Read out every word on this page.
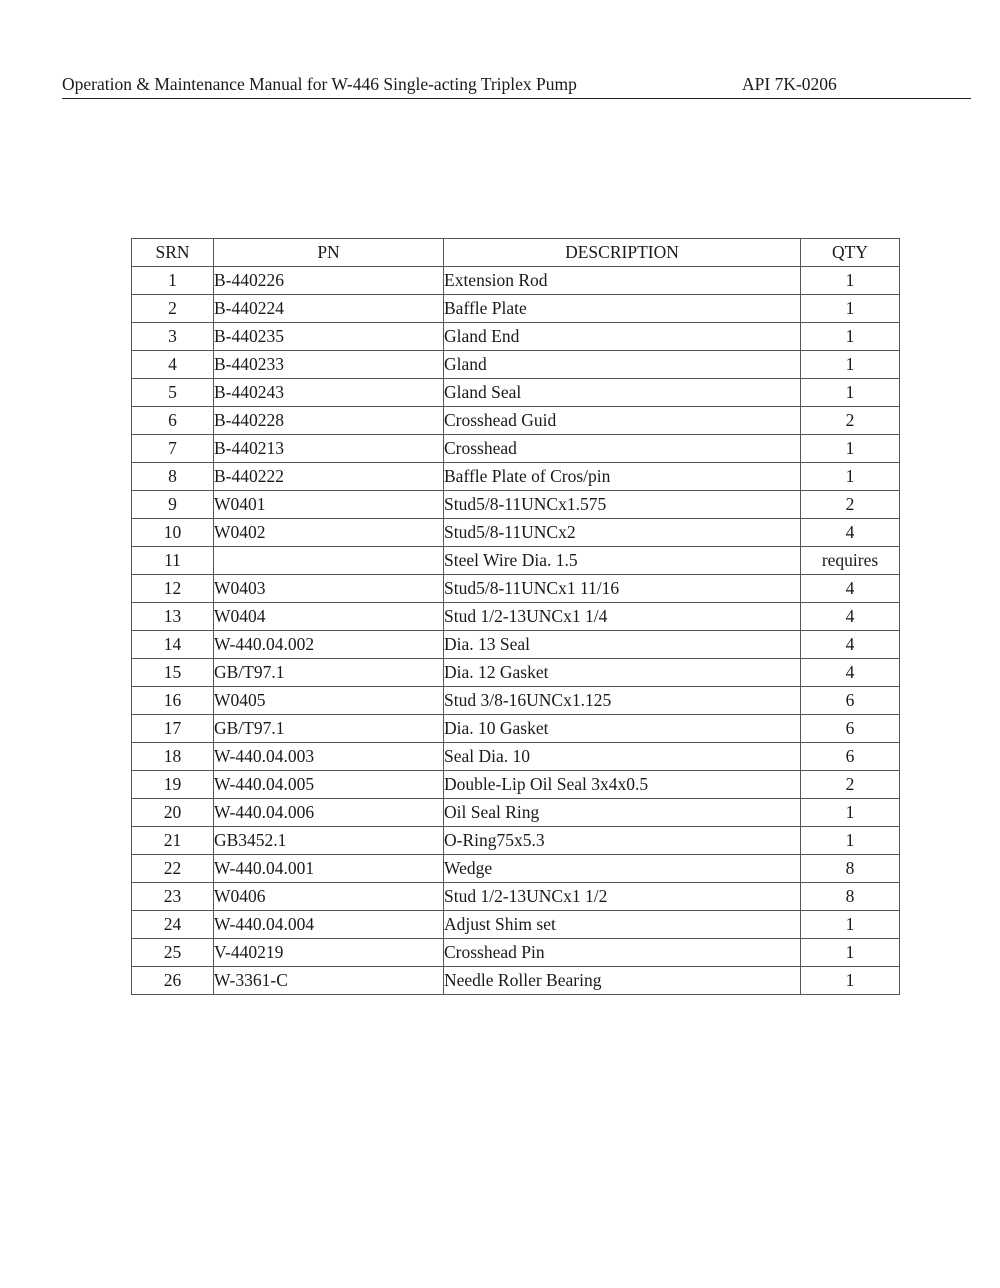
Operation & Maintenance Manual for W-446 Single-acting Triplex Pump	API 7K-0206
SRN	PN	DESCRIPTION	QTY
1	B-440226	Extension Rod	1
2	B-440224	Baffle Plate	1
3	B-440235	Gland End	1
4	B-440233	Gland	1
5	B-440243	Gland Seal	1
6	B-440228	Crosshead Guid	2
7	B-440213	Crosshead	1
8	B-440222	Baffle Plate of Cros/pin	1
9	W0401	Stud5/8-11UNCx1.575	2
10	W0402	Stud5/8-11UNCx2	4
11		Steel Wire Dia. 1.5	requires
12	W0403	Stud5/8-11UNCx1 11/16	4
13	W0404	Stud 1/2-13UNCx1 1/4	4
14	W-440.04.002	Dia. 13 Seal	4
15	GB/T97.1	Dia. 12 Gasket	4
16	W0405	Stud 3/8-16UNCx1.125	6
17	GB/T97.1	Dia. 10 Gasket	6
18	W-440.04.003	Seal Dia. 10	6
19	W-440.04.005	Double-Lip Oil Seal 3x4x0.5	2
20	W-440.04.006	Oil Seal Ring	1
21	GB3452.1	O-Ring75x5.3	1
22	W-440.04.001	Wedge	8
23	W0406	Stud 1/2-13UNCx1 1/2	8
24	W-440.04.004	Adjust Shim set	1
25	V-440219	Crosshead Pin	1
26	W-3361-C	Needle Roller Bearing	1
